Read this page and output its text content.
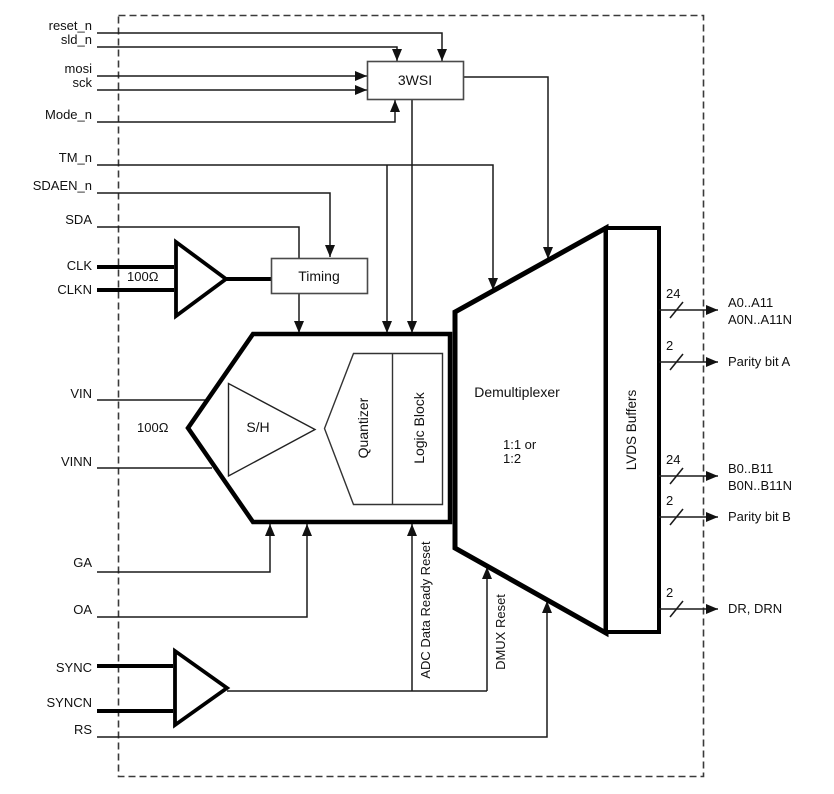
reset_n
sld_n
mosi
sck
Mode_n
TM_n
SDAEN_n
SDA
CLK
CLKN
VIN
VINN
GA
OA
SYNC
SYNCN
RS
3WSI
Timing
S/H
Demultiplexer
1:1 or
1:2
Quantizer	Logic Block	LVDS Buffers
100Ω
100Ω
ADC Data Ready Reset	DMUX Reset
24
2
24
2
2
A0..A11
A0N..A11N
Parity bit A
B0..B11
B0N..B11N
Parity bit B
DR, DRN
